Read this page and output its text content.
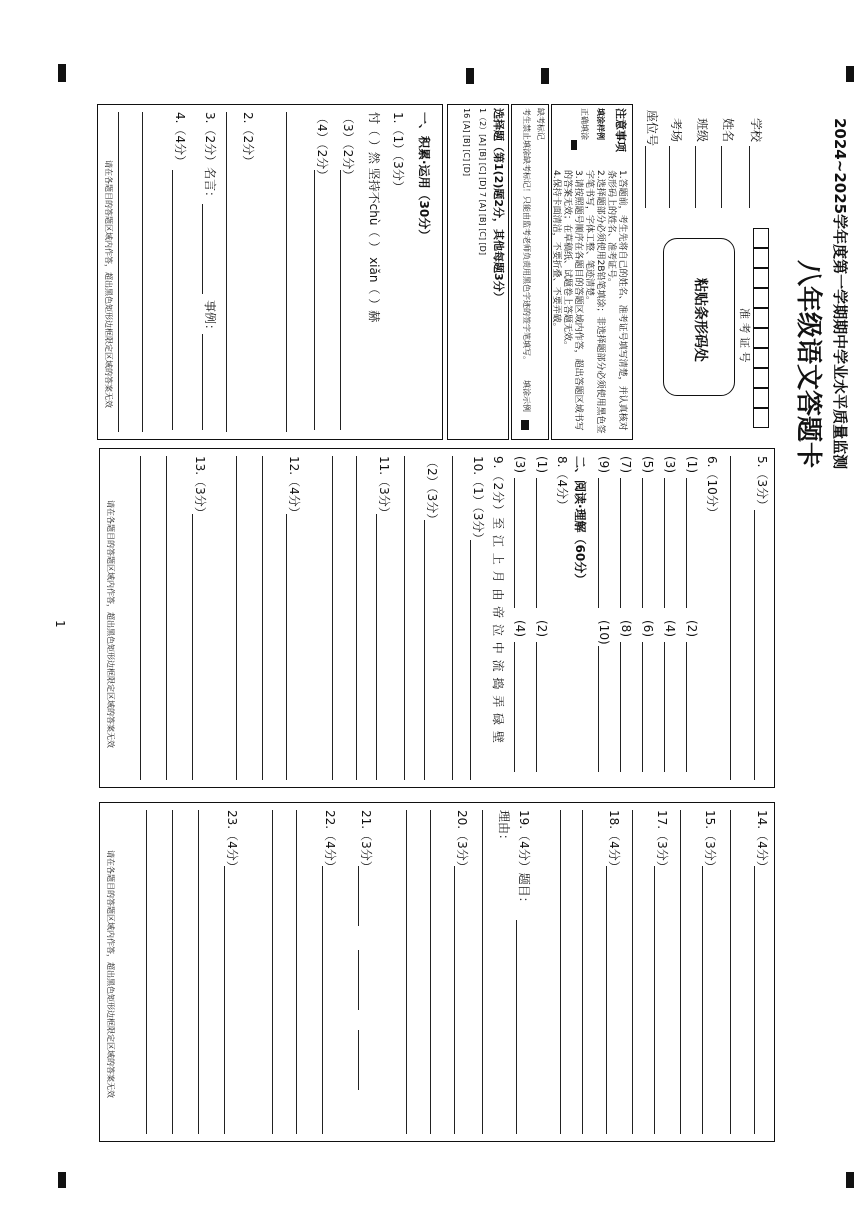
2024~2025学年度第一学期期中学业水平质量监测
八年级语文答题卡
学校
姓名
班级
考场
座位号
粘贴条形码处	准 考 证 号
注意事项
1.答题前，考生先将自己的姓名、准考证号填写清楚，并认真核对条形码上的姓名、准考证号。
2.选择题部分必须使用2B铅笔填涂；非选择题部分必须使用黑色签字笔书写，字体工整、笔迹清楚。
3.请按照题号顺序在各题目的答题区域内作答，超出答题区域书写的答案无效；在草稿纸、试题卷上答题无效。
4.保持卡面清洁，不要折叠、不要弄破。
填涂样例
正确填涂
缺考标记
考生禁止填涂缺考标记！只能由监考老师负责用黑色字迹的签字笔填写。
填涂示例
选择题（第1(2)题2分，其他每题3分）
1（2）[A] [B] [C] [D] 7 [A] [B] [C] [D]
16 [A] [B] [C] [D]
一、积累·运用（30分）
1.（1）（3分）
忖（ ）然 坚持不chù（ ） xiǎn（ ）赫
（3）（2分）
（4）（2分）
2.（2分）
3.（2分）名言：
事例：
4.（4分）
请在各题目的答题区域内作答，超出黑色矩形边框限定区域的答案无效
5.（3分）
6.（10分）
(1)
(2)
(3)
(4)
(5)
(6)
(7)
(8)
(9)
(10)
二、阅读·理解（60分）
8.（4分）
(1)
(2)
(3)
(4)
9.（2分）至 江 上 月 由 帝 泣 中 流 捣 弄 碌 壁
10.（1）（3分）
（2）（3分）
11.（3分）
12.（4分）
13.（3分）
请在各题目的答题区域内作答，超出黑色矩形边框限定区域的答案无效
14.（4分）
15.（3分）
17.（3分）
18.（4分）
19.（4分）题目：
理由：
20.（3分）
21.（3分）
22.（4分）
23.（4分）
请在各题目的答题区域内作答，超出黑色矩形边框限定区域的答案无效
1
